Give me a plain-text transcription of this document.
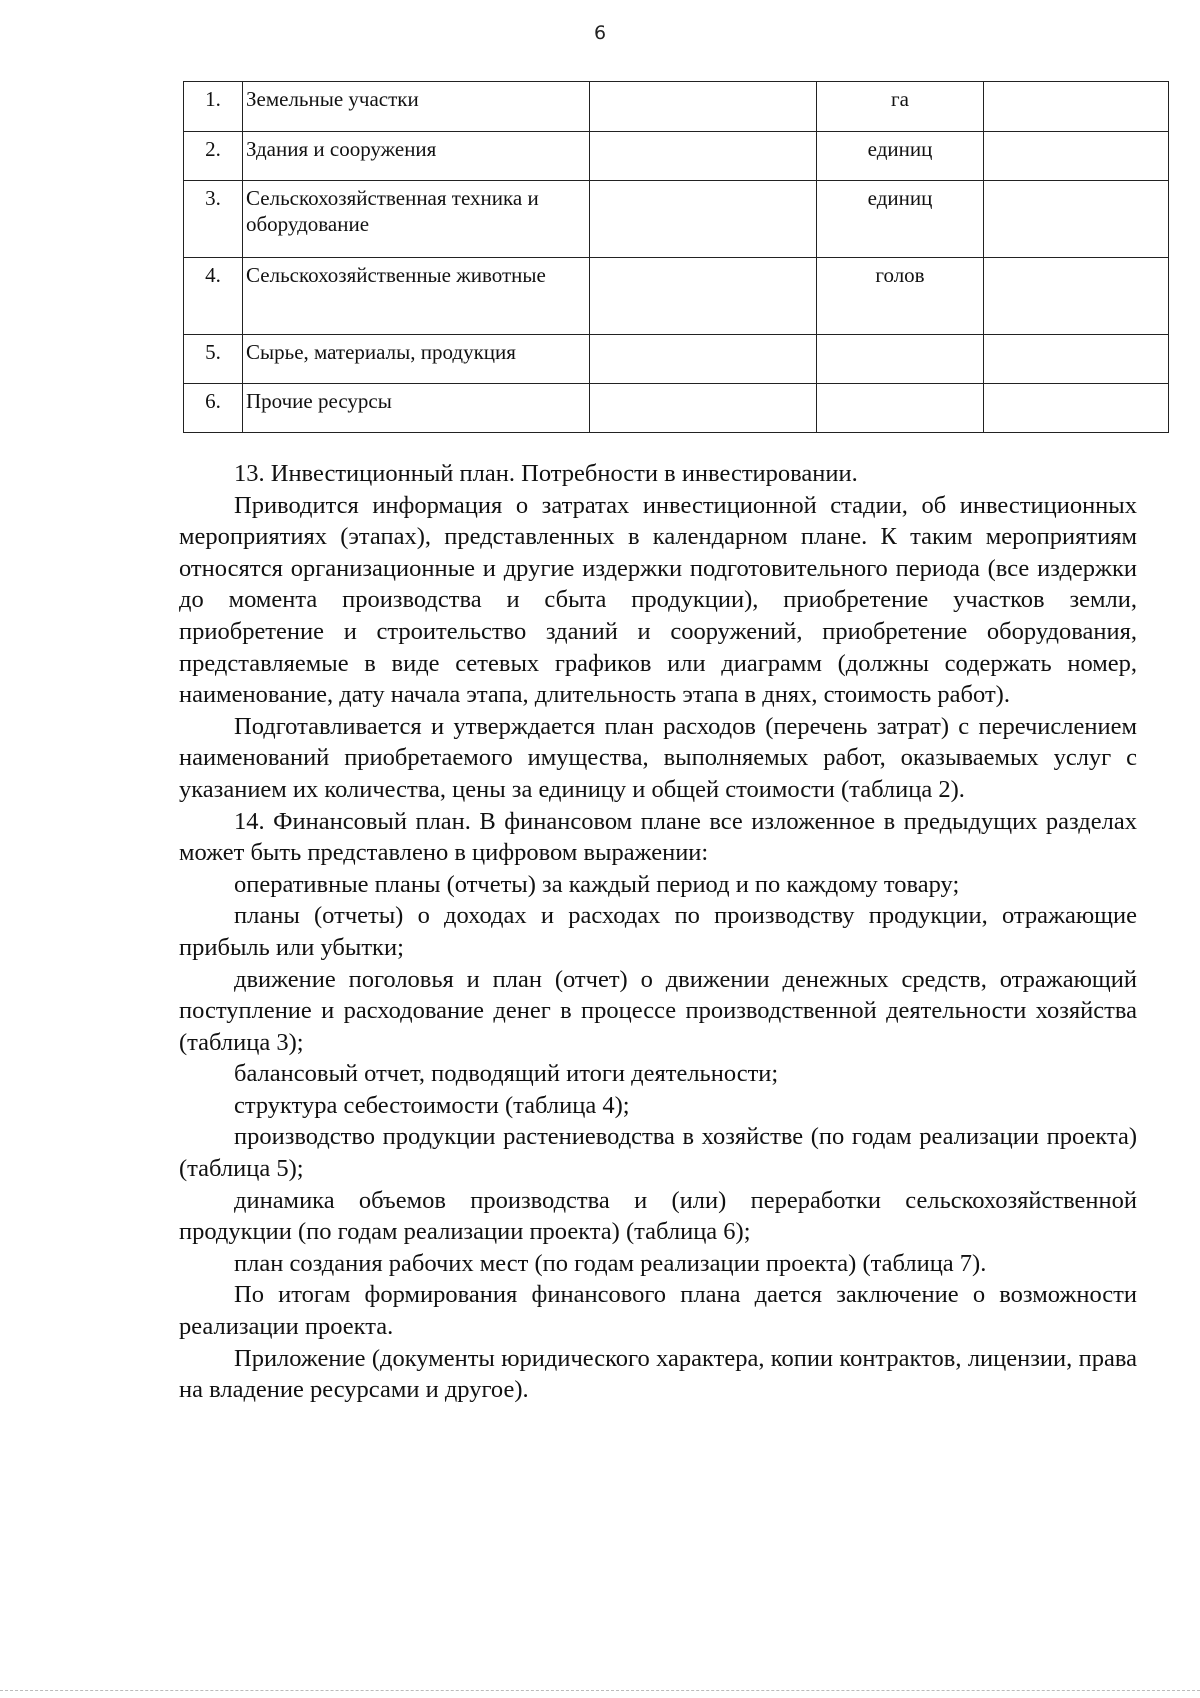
6
1.	Земельные участки		га	
2.	Здания и сооружения		единиц	
3.	Сельскохозяйственная техника и оборудование		единиц	
4.	Сельскохозяйственные животные		голов	
5.	Сырье, материалы, продукция			
6.	Прочие ресурсы			

13. Инвестиционный план. Потребности в инвестировании.

Приводится информация о затратах инвестиционной стадии, об инвестиционных мероприятиях (этапах), представленных в календарном плане. К таким мероприятиям относятся организационные и другие издержки подготовительного периода (все издержки до момента производства и сбыта продукции), приобретение участков земли, приобретение и строительство зданий и сооружений, приобретение оборудования, представляемые в виде сетевых графиков или диаграмм (должны содержать номер, наименование, дату начала этапа, длительность этапа в днях, стоимость работ).

Подготавливается и утверждается план расходов (перечень затрат) с перечислением наименований приобретаемого имущества, выполняемых работ, оказываемых услуг с указанием их количества, цены за единицу и общей стоимости (таблица 2).

14. Финансовый план. В финансовом плане все изложенное в предыдущих разделах может быть представлено в цифровом выражении:

оперативные планы (отчеты) за каждый период и по каждому товару;

планы (отчеты) о доходах и расходах по производству продукции, отражающие прибыль или убытки;

движение поголовья и план (отчет) о движении денежных средств, отражающий поступление и расходование денег в процессе производственной деятельности хозяйства (таблица 3);

балансовый отчет, подводящий итоги деятельности;

структура себестоимости (таблица 4);

производство продукции растениеводства в хозяйстве (по годам реализации проекта) (таблица 5);

динамика объемов производства и (или) переработки сельскохозяйственной продукции (по годам реализации проекта) (таблица 6);

план создания рабочих мест (по годам реализации проекта) (таблица 7).

По итогам формирования финансового плана дается заключение о возможности реализации проекта.

Приложение (документы юридического характера, копии контрактов, лицензии, права на владение ресурсами и другое).
